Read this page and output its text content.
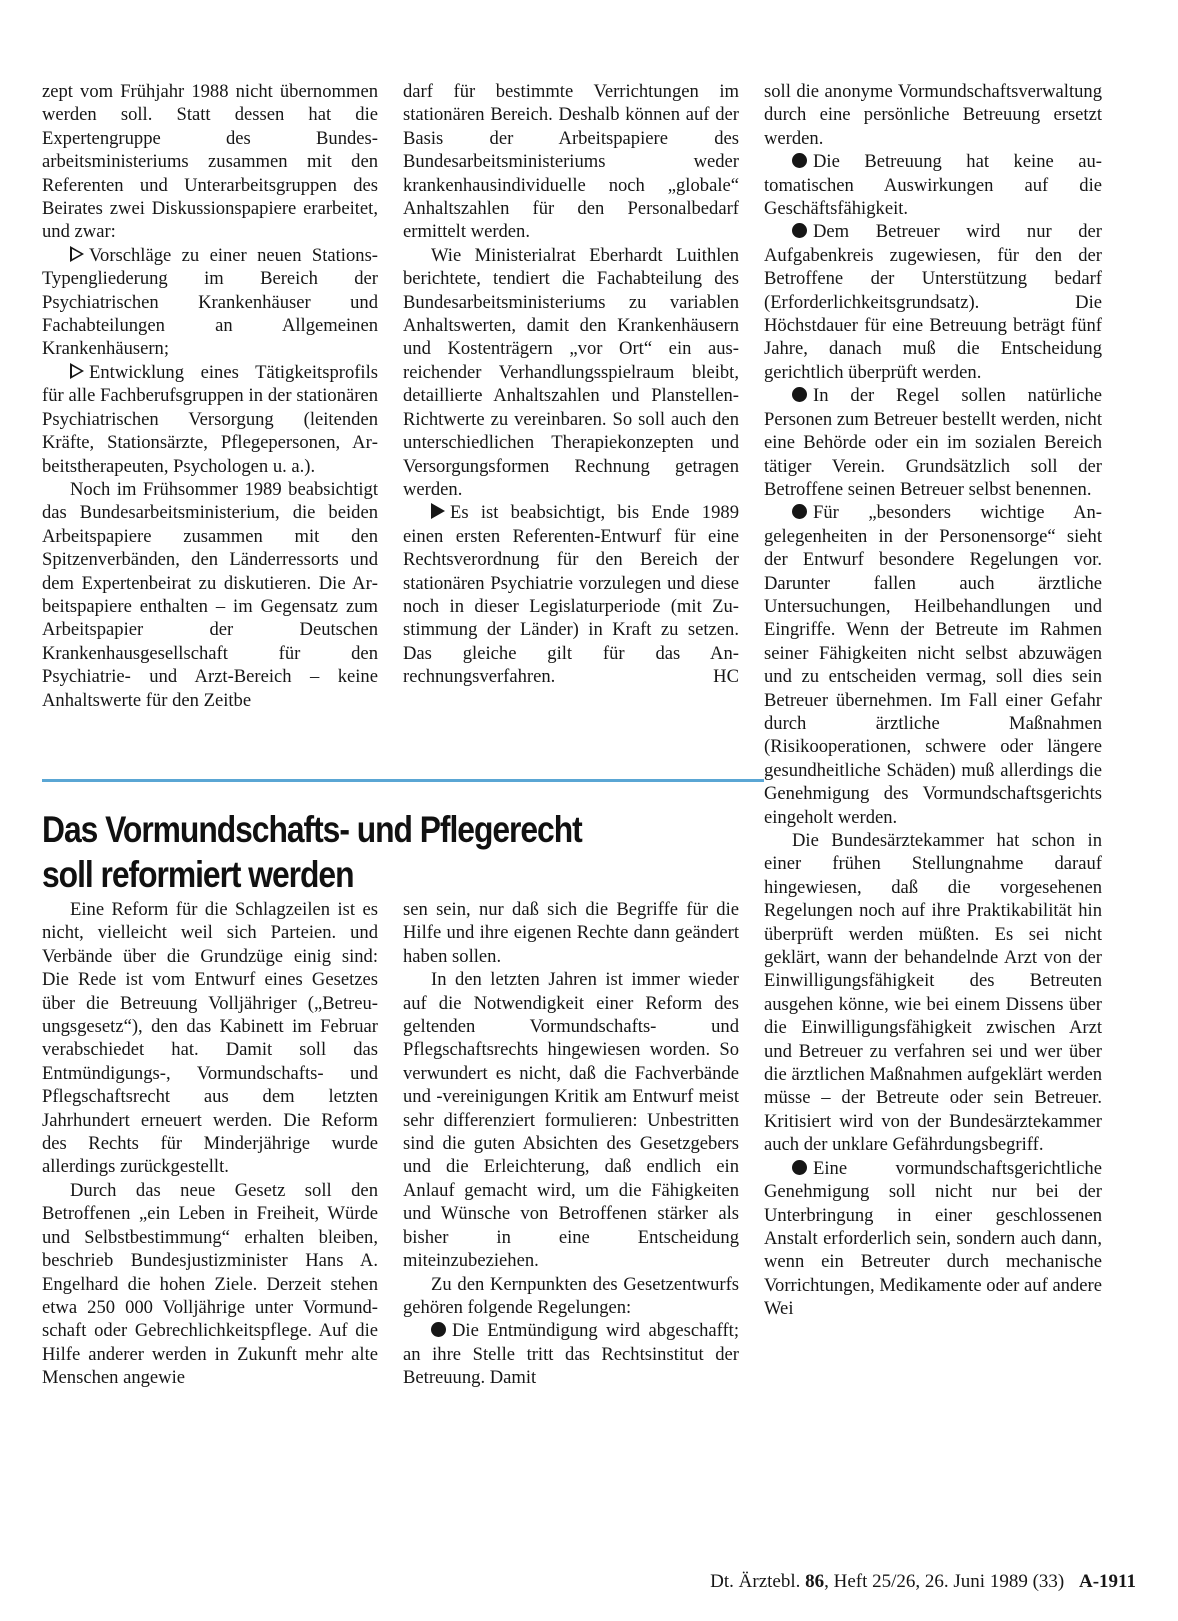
zept vom Frühjahr 1988 nicht übernommen werden soll. Statt dessen hat die Expertengruppe des Bundesarbeitsministeriums zusammen mit den Referenten und Unterarbeitsgruppen des Beirates zwei Diskussionspapiere erarbeitet, und zwar:

Vorschläge zu einer neuen Stations-Typengliederung im Bereich der Psychiatrischen Krankenhäuser und Fachabteilungen an Allgemeinen Krankenhäusern;

Entwicklung eines Tätigkeitsprofils für alle Fachberufsgruppen in der stationären Psychiatrischen Versorgung (leitenden Kräfte, Stationsärzte, Pflegepersonen, Arbeitstherapeuten, Psychologen u. a.).

Noch im Frühsommer 1989 beabsichtigt das Bundesarbeitsministerium, die beiden Arbeitspapiere zusammen mit den Spitzenverbänden, den Länderressorts und dem Expertenbeirat zu diskutieren. Die Arbeitspapiere enthalten – im Gegensatz zum Arbeitspapier der Deutschen Krankenhausgesellschaft für den Psychiatrie- und Arzt-Bereich – keine Anhaltswerte für den Zeitbe

darf für bestimmte Verrichtungen im stationären Bereich. Deshalb können auf der Basis der Arbeitspapiere des Bundesarbeitsministeriums weder krankenhausindividuelle noch „globale“ Anhaltszahlen für den Personalbedarf ermittelt werden.

Wie Ministerialrat Eberhardt Luithlen berichtete, tendiert die Fachabteilung des Bundesarbeitsministeriums zu variablen Anhaltswerten, damit den Krankenhäusern und Kostenträgern „vor Ort“ ein ausreichender Verhandlungsspielraum bleibt, detaillierte Anhaltszahlen und Planstellen-Richtwerte zu vereinbaren. So soll auch den unterschiedlichen Therapiekonzepten und Versorgungsformen Rechnung getragen werden.

Es ist beabsichtigt, bis Ende 1989 einen ersten Referenten-Entwurf für eine Rechtsverordnung für den Bereich der stationären Psychiatrie vorzulegen und diese noch in dieser Legislaturperiode (mit Zustimmung der Länder) in Kraft zu setzen. Das gleiche gilt für das Anrechnungsverfahren.	HC

soll die anonyme Vormundschaftsverwaltung durch eine persönliche Betreuung ersetzt werden.

Die Betreuung hat keine automatischen Auswirkungen auf die Geschäftsfähigkeit.

Dem Betreuer wird nur der Aufgabenkreis zugewiesen, für den der Betroffene der Unterstützung bedarf (Erforderlichkeitsgrundsatz). Die Höchstdauer für eine Betreuung beträgt fünf Jahre, danach muß die Entscheidung gerichtlich überprüft werden.

In der Regel sollen natürliche Personen zum Betreuer bestellt werden, nicht eine Behörde oder ein im sozialen Bereich tätiger Verein. Grundsätzlich soll der Betroffene seinen Betreuer selbst benennen.

Für „besonders wichtige Angelegenheiten in der Personensorge“ sieht der Entwurf besondere Regelungen vor. Darunter fallen auch ärztliche Untersuchungen, Heilbehandlungen und Eingriffe. Wenn der Betreute im Rahmen seiner Fähigkeiten nicht selbst abzuwägen und zu entscheiden vermag, soll dies sein Betreuer übernehmen. Im Fall einer Gefahr durch ärztliche Maßnahmen (Risikooperationen, schwere oder längere gesundheitliche Schäden) muß allerdings die Genehmigung des Vormundschaftsgerichts eingeholt werden.

Die Bundesärztekammer hat schon in einer frühen Stellungnahme darauf hingewiesen, daß die vorgesehenen Regelungen noch auf ihre Praktikabilität hin überprüft werden müßten. Es sei nicht geklärt, wann der behandelnde Arzt von der Einwilligungsfähigkeit des Betreuten ausgehen könne, wie bei einem Dissens über die Einwilligungsfähigkeit zwischen Arzt und Betreuer zu verfahren sei und wer über die ärztlichen Maßnahmen aufgeklärt werden müsse – der Betreute oder sein Betreuer. Kritisiert wird von der Bundesärztekammer auch der unklare Gefährdungsbegriff.

Eine vormundschaftsgerichtliche Genehmigung soll nicht nur bei der Unterbringung in einer geschlossenen Anstalt erforderlich sein, sondern auch dann, wenn ein Betreuter durch mechanische Vorrichtungen, Medikamente oder auf andere Wei

Das Vormundschafts- und Pflegerecht
soll reformiert werden

Eine Reform für die Schlagzeilen ist es nicht, vielleicht weil sich Parteien. und Verbände über die Grundzüge einig sind: Die Rede ist vom Entwurf eines Gesetzes über die Betreuung Volljähriger („Betreuungsgesetz“), den das Kabinett im Februar verabschiedet hat. Damit soll das Entmündigungs-, Vormundschafts- und Pflegschaftsrecht aus dem letzten Jahrhundert erneuert werden. Die Reform des Rechts für Minderjährige wurde allerdings zurückgestellt.

Durch das neue Gesetz soll den Betroffenen „ein Leben in Freiheit, Würde und Selbstbestimmung“ erhalten bleiben, beschrieb Bundesjustizminister Hans A. Engelhard die hohen Ziele. Derzeit stehen etwa 250 000 Volljährige unter Vormundschaft oder Gebrechlichkeitspflege. Auf die Hilfe anderer werden in Zukunft mehr alte Menschen angewie

sen sein, nur daß sich die Begriffe für die Hilfe und ihre eigenen Rechte dann geändert haben sollen.

In den letzten Jahren ist immer wieder auf die Notwendigkeit einer Reform des geltenden Vormundschafts- und Pflegschaftsrechts hingewiesen worden. So verwundert es nicht, daß die Fachverbände und -vereinigungen Kritik am Entwurf meist sehr differenziert formulieren: Unbestritten sind die guten Absichten des Gesetzgebers und die Erleichterung, daß endlich ein Anlauf gemacht wird, um die Fähigkeiten und Wünsche von Betroffenen stärker als bisher in eine Entscheidung miteinzubeziehen.

Zu den Kernpunkten des Gesetzentwurfs gehören folgende Regelungen:

Die Entmündigung wird abgeschafft; an ihre Stelle tritt das Rechtsinstitut der Betreuung. Damit

Dt. Ärztebl. 86, Heft 25/26, 26. Juni 1989 (33) A-1911
